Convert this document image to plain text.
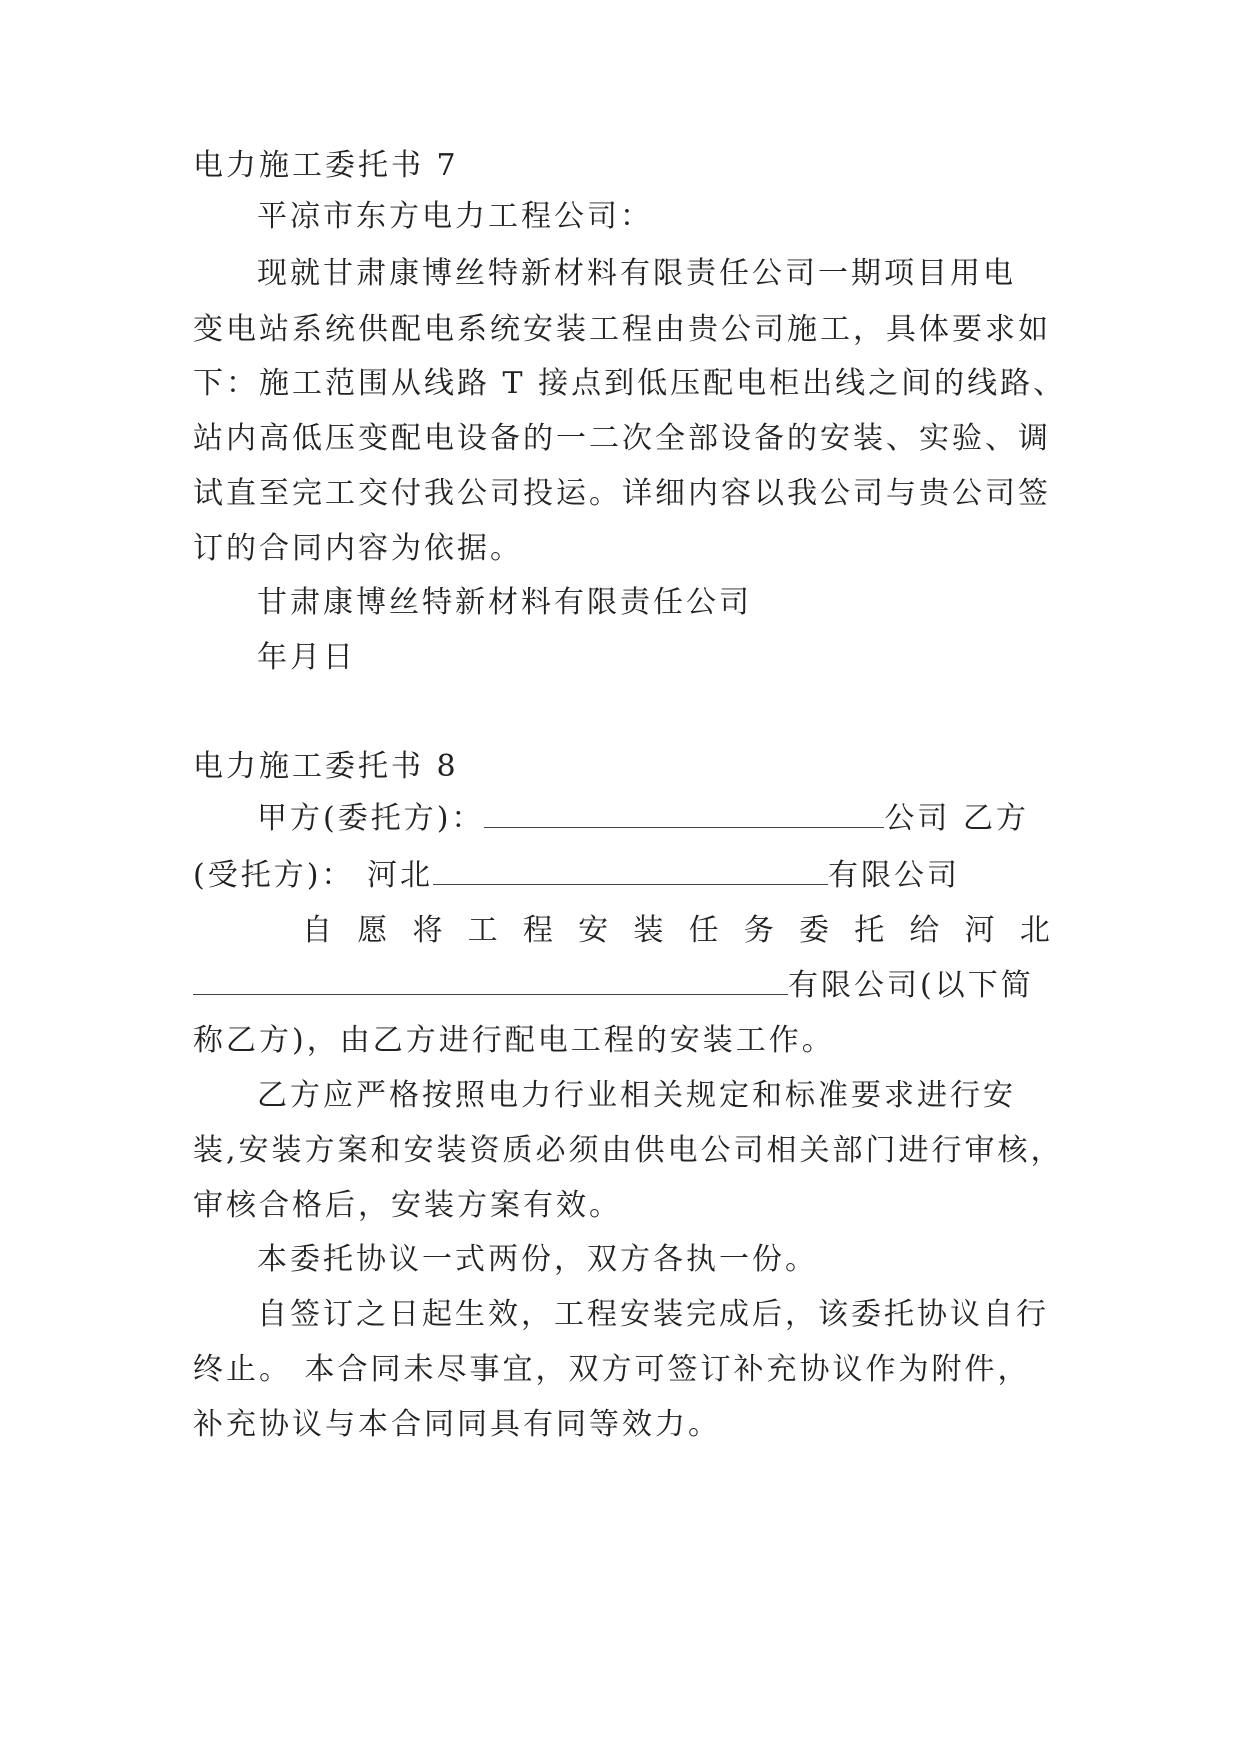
电力施工委托书 7
平凉市东方电力工程公司：
现就甘肃康博丝特新材料有限责任公司一期项目用电
变电站系统供配电系统安装工程由贵公司施工，具体要求如
下：施工范围从线路 T 接点到低压配电柜出线之间的线路、
站内高低压变配电设备的一二次全部设备的安装、实验、调
试直至完工交付我公司投运。详细内容以我公司与贵公司签
订的合同内容为依据。
甘肃康博丝特新材料有限责任公司
年月日
电力施工委托书 8
甲方(委托方)：	公司 乙方
(受托方)： 河北	有限公司
自 愿 将 工 程 安 装 任 务 委 托 给 河 北
有限公司(以下简
称乙方)，由乙方进行配电工程的安装工作。
乙方应严格按照电力行业相关规定和标准要求进行安
装,安装方案和安装资质必须由供电公司相关部门进行审核，
审核合格后，安装方案有效。
本委托协议一式两份，双方各执一份。
自签订之日起生效，工程安装完成后，该委托协议自行
终止。 本合同未尽事宜，双方可签订补充协议作为附件，
补充协议与本合同同具有同等效力。
